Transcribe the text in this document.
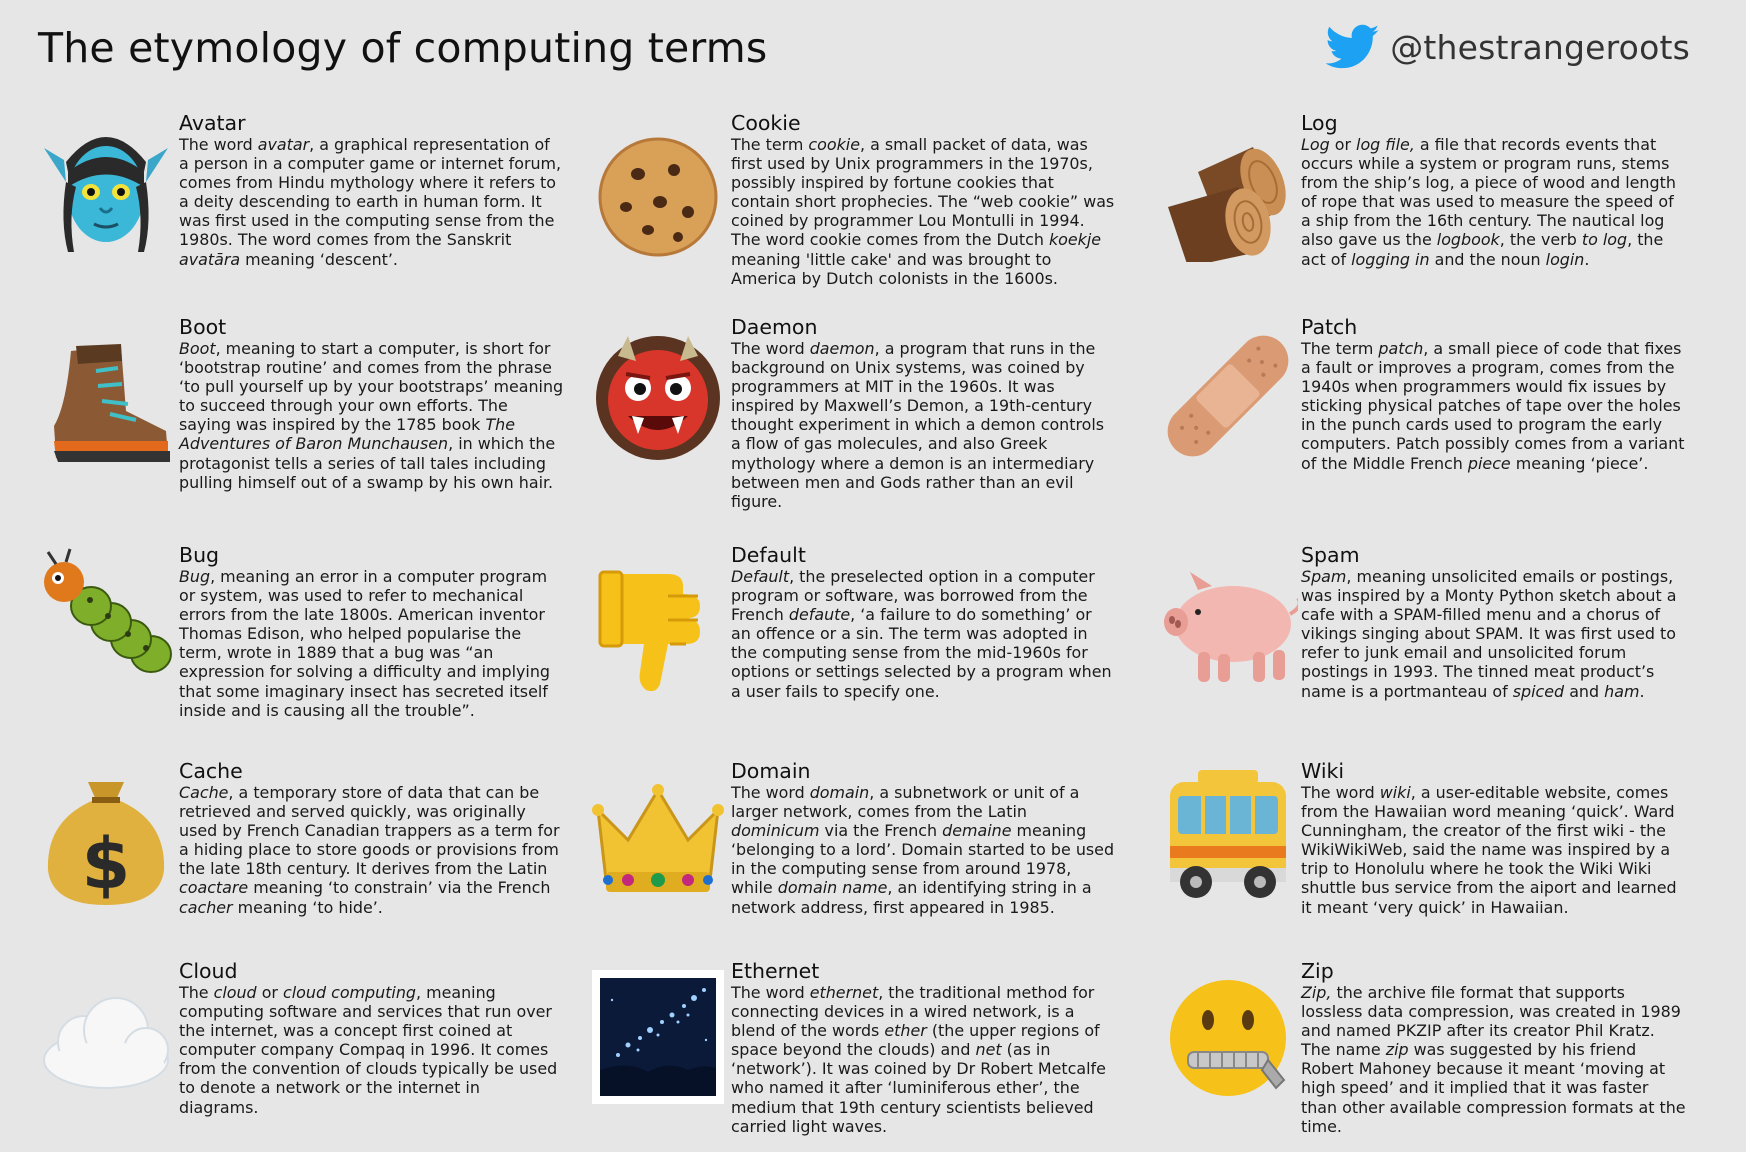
The etymology of computing terms	@thestrangeroots
Avatar
The word avatar, a graphical representation of a person in a computer game or internet forum, comes from Hindu mythology where it refers to a deity descending to earth in human form. It was first used in the computing sense from the 1980s. The word comes from the Sanskrit avatāra meaning ‘descent’.
Cookie
The term cookie, a small packet of data, was first used by Unix programmers in the 1970s, possibly inspired by fortune cookies that contain short prophecies. The “web cookie” was coined by programmer Lou Montulli in 1994. The word cookie comes from the Dutch koekje meaning 'little cake' and was brought to America by Dutch colonists in the 1600s.
Log
Log or log file, a file that records events that occurs while a system or program runs, stems from the ship’s log, a piece of wood and length of rope that was used to measure the speed of a ship from the 16th century. The nautical log also gave us the logbook, the verb to log, the act of logging in and the noun login.
Boot
Boot, meaning to start a computer, is short for ‘bootstrap routine’ and comes from the phrase ‘to pull yourself up by your bootstraps’ meaning to succeed through your own efforts. The saying was inspired by the 1785 book The Adventures of Baron Munchausen, in which the protagonist tells a series of tall tales including pulling himself out of a swamp by his own hair.
Daemon
The word daemon, a program that runs in the background on Unix systems, was coined by programmers at MIT in the 1960s. It was inspired by Maxwell’s Demon, a 19th-century thought experiment in which a demon controls a flow of gas molecules, and also Greek mythology where a demon is an intermediary between men and Gods rather than an evil figure.
Patch
The term patch, a small piece of code that fixes a fault or improves a program, comes from the 1940s when programmers would fix issues by sticking physical patches of tape over the holes in the punch cards used to program the early computers. Patch possibly comes from a variant of the Middle French piece meaning ‘piece’.
Bug
Bug, meaning an error in a computer program or system, was used to refer to mechanical errors from the late 1800s. American inventor Thomas Edison, who helped popularise the term, wrote in 1889 that a bug was “an expression for solving a difficulty and implying that some imaginary insect has secreted itself inside and is causing all the trouble”.
Default
Default, the preselected option in a computer program or software, was borrowed from the French defaute, ‘a failure to do something’ or an offence or a sin. The term was adopted in the computing sense from the mid-1960s for options or settings selected by a program when a user fails to specify one.
Spam
Spam, meaning unsolicited emails or postings, was inspired by a Monty Python sketch about a cafe with a SPAM-filled menu and a chorus of vikings singing about SPAM. It was first used to refer to junk email and unsolicited forum postings in 1993. The tinned meat product’s name is a portmanteau of spiced and ham.
$
Cache
Cache, a temporary store of data that can be retrieved and served quickly, was originally used by French Canadian trappers as a term for a hiding place to store goods or provisions from the late 18th century. It derives from the Latin coactare meaning ‘to constrain’ via the French cacher meaning ‘to hide’.
Domain
The word domain, a subnetwork or unit of a larger network, comes from the Latin dominicum via the French demaine meaning ‘belonging to a lord’. Domain started to be used in the computing sense from around 1978, while domain name, an identifying string in a network address, first appeared in 1985.
Wiki
The word wiki, a user-editable website, comes from the Hawaiian word meaning ‘quick’. Ward Cunningham, the creator of the first wiki - the WikiWikiWeb, said the name was inspired by a trip to Honolulu where he took the Wiki Wiki shuttle bus service from the aiport and learned it meant ‘very quick’ in Hawaiian.
Cloud
The cloud or cloud computing, meaning computing software and services that run over the internet, was a concept first coined at computer company Compaq in 1996. It comes from the convention of clouds typically be used to denote a network or the internet in diagrams.
Ethernet
The word ethernet, the traditional method for connecting devices in a wired network, is a blend of the words ether (the upper regions of space beyond the clouds) and net (as in ‘network’). It was coined by Dr Robert Metcalfe who named it after ‘luminiferous ether’, the medium that 19th century scientists believed carried light waves.
Zip
Zip, the archive file format that supports lossless data compression, was created in 1989 and named PKZIP after its creator Phil Kratz. The name zip was suggested by his friend Robert Mahoney because it meant ‘moving at high speed’ and it implied that it was faster than other available compression formats at the time.
